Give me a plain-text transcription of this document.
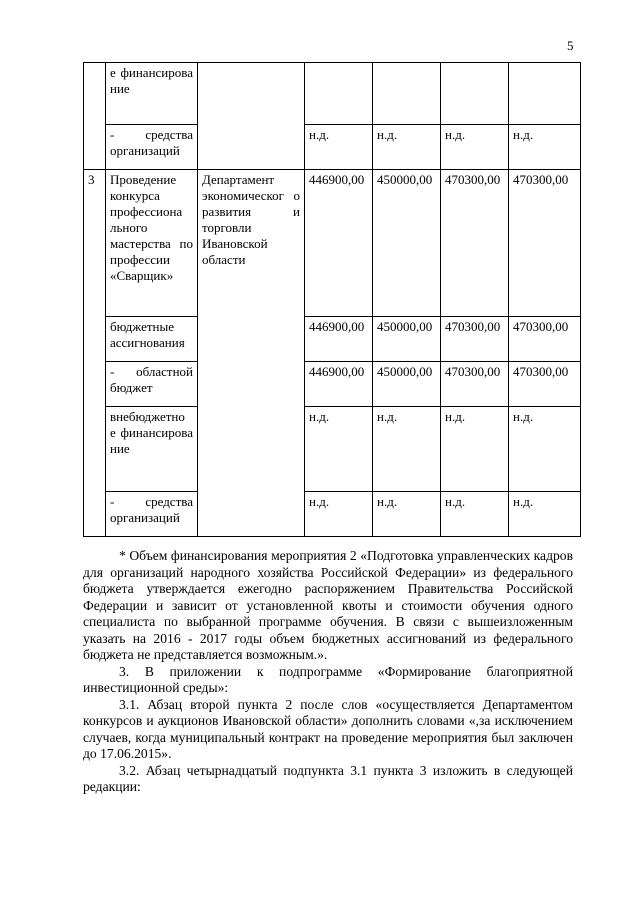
5
	е финансирова ние					
	- средства организаций		н.д.	н.д.	н.д.	н.д.
3	Проведение конкурса профессиона льного мастерства по профессии «Сварщик»	Департамент экономическог о развития и торговли Ивановской области	446900,00	450000,00	470300,00	470300,00
	бюджетные ассигнования		446900,00	450000,00	470300,00	470300,00
	- областной бюджет		446900,00	450000,00	470300,00	470300,00
	внебюджетно е финансирова ние		н.д.	н.д.	н.д.	н.д.
	- средства организаций		н.д.	н.д.	н.д.	н.д.

* Объем финансирования мероприятия 2 «Подготовка управленческих кадров для организаций народного хозяйства Российской Федерации» из федерального бюджета утверждается ежегодно распоряжением Правительства Российской Федерации и зависит от установленной квоты и стоимости обучения одного специалиста по выбранной программе обучения. В связи с вышеизложенным указать на 2016 - 2017 годы объем бюджетных ассигнований из федерального бюджета не представляется возможным.».

3. В приложении к подпрограмме «Формирование благоприятной инвестиционной среды»:

3.1. Абзац второй пункта 2 после слов «осуществляется Департаментом конкурсов и аукционов Ивановской области» дополнить словами «,за исключением случаев, когда муниципальный контракт на проведение мероприятия был заключен до 17.06.2015».

3.2. Абзац четырнадцатый подпункта 3.1 пункта 3 изложить в следующей редакции:
